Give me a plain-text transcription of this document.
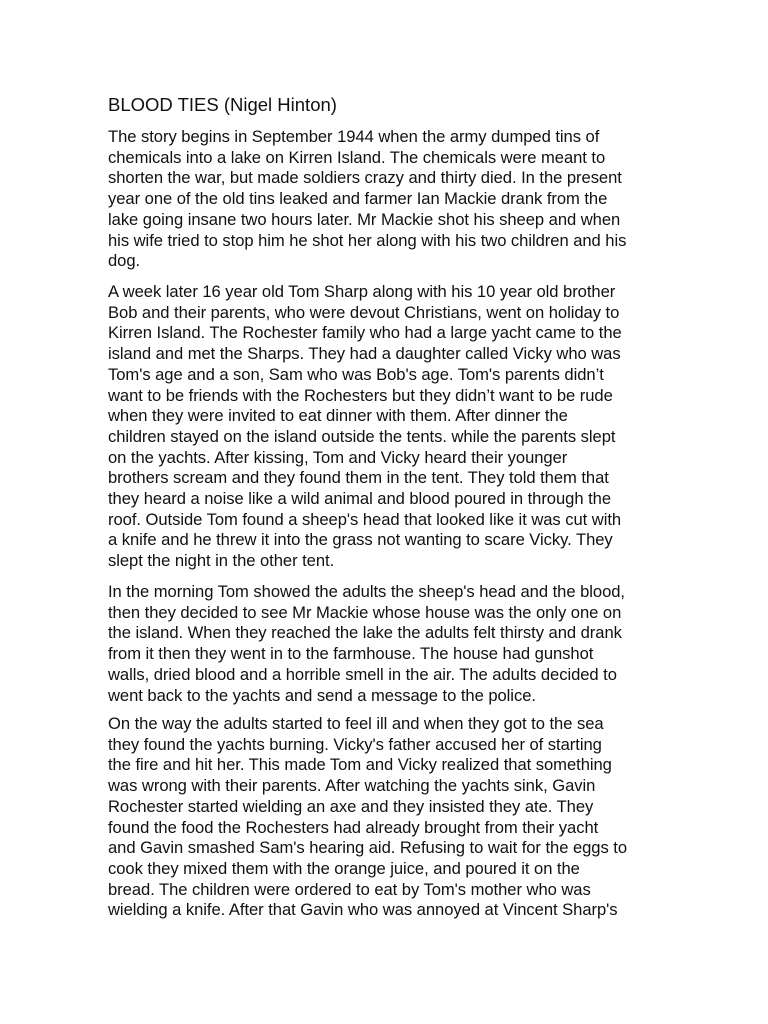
BLOOD TIES (Nigel Hinton)

The story begins in September 1944 when the army dumped tins of
chemicals into a lake on Kirren Island. The chemicals were meant to
shorten the war, but made soldiers crazy and thirty died. In the present
year one of the old tins leaked and farmer Ian Mackie drank from the
lake going insane two hours later. Mr Mackie shot his sheep and when
his wife tried to stop him he shot her along with his two children and his
dog.

A week later 16 year old Tom Sharp along with his 10 year old brother
Bob and their parents, who were devout Christians, went on holiday to
Kirren Island. The Rochester family who had a large yacht came to the
island and met the Sharps. They had a daughter called Vicky who was
Tom's age and a son, Sam who was Bob's age. Tom's parents didn’t
want to be friends with the Rochesters but they didn’t want to be rude
when they were invited to eat dinner with them. After dinner the
children stayed on the island outside the tents. while the parents slept
on the yachts. After kissing, Tom and Vicky heard their younger
brothers scream and they found them in the tent. They told them that
they heard a noise like a wild animal and blood poured in through the
roof. Outside Tom found a sheep's head that looked like it was cut with
a knife and he threw it into the grass not wanting to scare Vicky. They
slept the night in the other tent.

In the morning Tom showed the adults the sheep's head and the blood,
then they decided to see Mr Mackie whose house was the only one on
the island. When they reached the lake the adults felt thirsty and drank
from it then they went in to the farmhouse. The house had gunshot
walls, dried blood and a horrible smell in the air. The adults decided to
went back to the yachts and send a message to the police.

On the way the adults started to feel ill and when they got to the sea
they found the yachts burning. Vicky's father accused her of starting
the fire and hit her. This made Tom and Vicky realized that something
was wrong with their parents. After watching the yachts sink, Gavin
Rochester started wielding an axe and they insisted they ate. They
found the food the Rochesters had already brought from their yacht
and Gavin smashed Sam's hearing aid. Refusing to wait for the eggs to
cook they mixed them with the orange juice, and poured it on the
bread. The children were ordered to eat by Tom's mother who was
wielding a knife. After that Gavin who was annoyed at Vincent Sharp's
